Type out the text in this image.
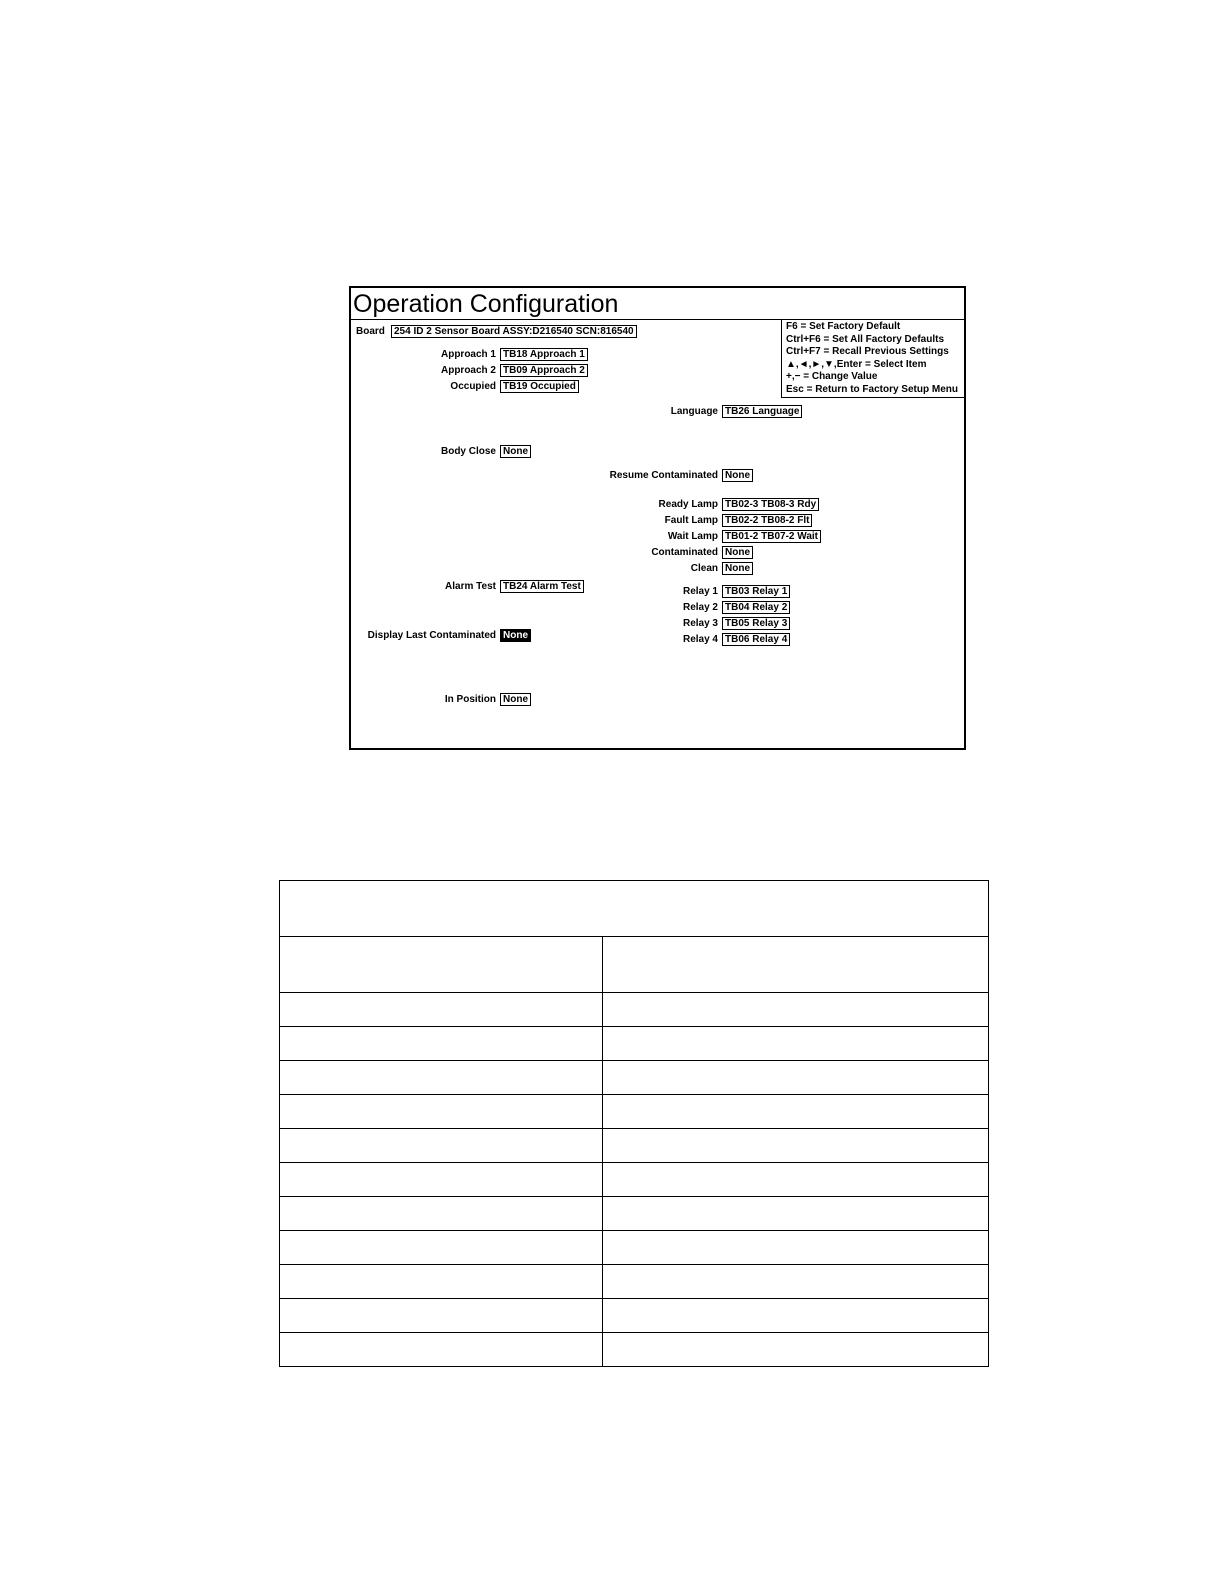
Operation Configuration
Board 254 ID 2 Sensor Board ASSY:D216540 SCN:816540	F6 = Set Factory Default
Ctrl+F6 = Set All Factory Defaults
Ctrl+F7 = Recall Previous Settings
▲,◄,►,▼,Enter = Select Item
+,− = Change Value
Esc = Return to Factory Setup Menu
Approach 1 TB18 Approach 1
Approach 2 TB09 Approach 2
Occupied TB19 Occupied
Body Close None
Alarm Test TB24 Alarm Test
Display Last Contaminated None
In Position None
Language TB26 Language
Resume Contaminated None
Ready Lamp TB02-3 TB08-3 Rdy
Fault Lamp TB02-2 TB08-2 Flt
Wait Lamp TB01-2 TB07-2 Wait
Contaminated None
Clean None
Relay 1 TB03 Relay 1
Relay 2 TB04 Relay 2
Relay 3 TB05 Relay 3
Relay 4 TB06 Relay 4
